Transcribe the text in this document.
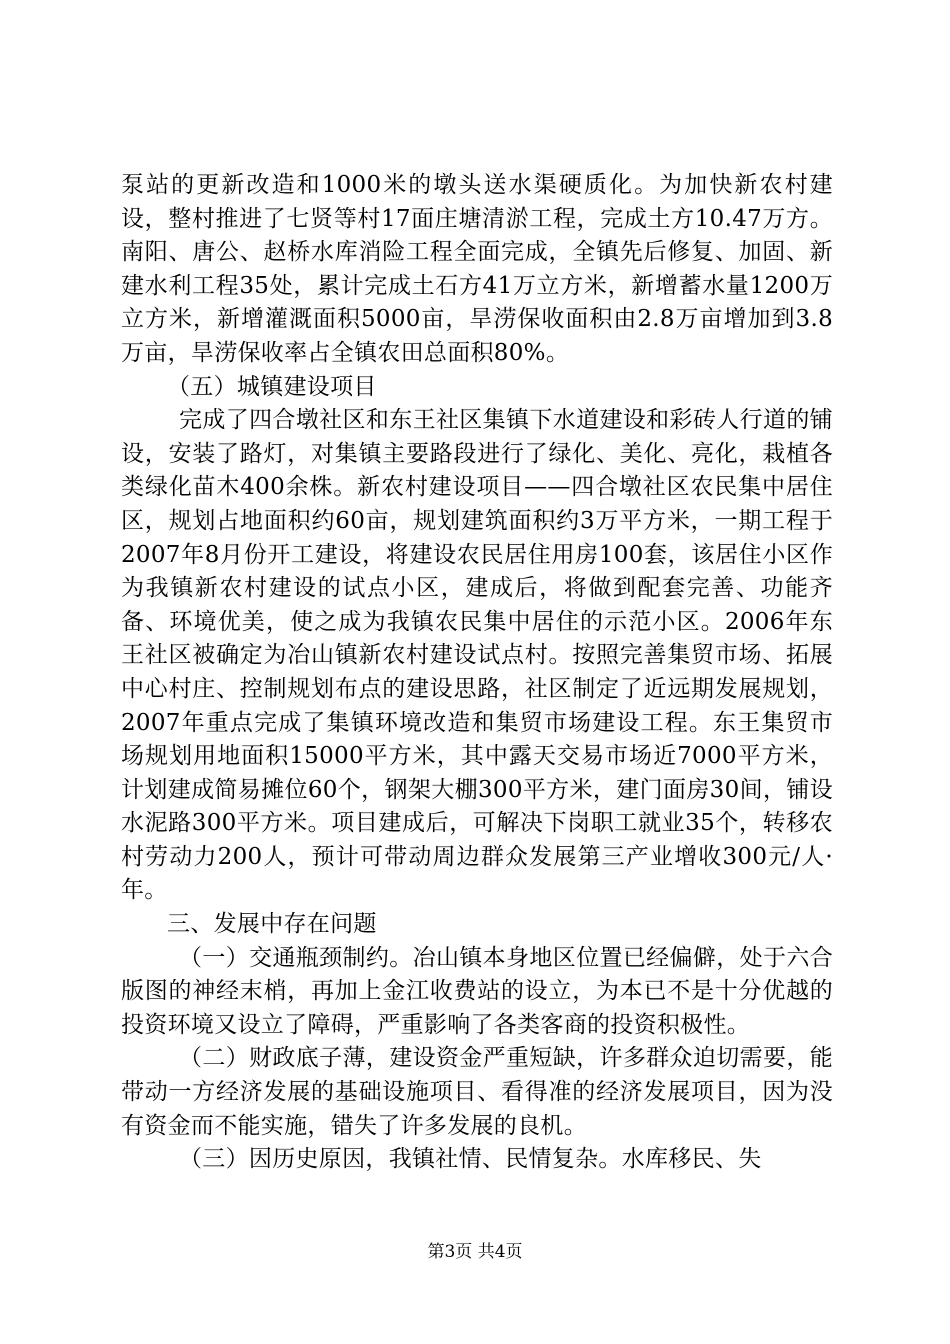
泵站的更新改造和1000米的墩头送水渠硬质化。为加快新农村建设，整村推进了七贤等村17面庄塘清淤工程，完成土方10.47万方。南阳、唐公、赵桥水库消险工程全面完成，全镇先后修复、加固、新建水利工程35处，累计完成土石方41万立方米，新增蓄水量1200万立方米，新增灌溉面积5000亩，旱涝保收面积由2.8万亩增加到3.8万亩，旱涝保收率占全镇农田总面积80%。

（五）城镇建设项目

完成了四合墩社区和东王社区集镇下水道建设和彩砖人行道的铺设，安装了路灯，对集镇主要路段进行了绿化、美化、亮化，栽植各类绿化苗木400余株。新农村建设项目——四合墩社区农民集中居住区，规划占地面积约60亩，规划建筑面积约3万平方米，一期工程于2007年8月份开工建设，将建设农民居住用房100套，该居住小区作为我镇新农村建设的试点小区，建成后，将做到配套完善、功能齐备、环境优美，使之成为我镇农民集中居住的示范小区。2006年东王社区被确定为冶山镇新农村建设试点村。按照完善集贸市场、拓展中心村庄、控制规划布点的建设思路，社区制定了近远期发展规划，2007年重点完成了集镇环境改造和集贸市场建设工程。东王集贸市场规划用地面积15000平方米，其中露天交易市场近7000平方米，计划建成简易摊位60个，钢架大棚300平方米，建门面房30间，铺设水泥路300平方米。项目建成后，可解决下岗职工就业35个，转移农村劳动力200人，预计可带动周边群众发展第三产业增收300元/人·年。

三、发展中存在问题

（一）交通瓶颈制约。冶山镇本身地区位置已经偏僻，处于六合版图的神经末梢，再加上金江收费站的设立，为本已不是十分优越的投资环境又设立了障碍，严重影响了各类客商的投资积极性。

（二）财政底子薄，建设资金严重短缺，许多群众迫切需要，能带动一方经济发展的基础设施项目、看得准的经济发展项目，因为没有资金而不能实施，错失了许多发展的良机。

（三）因历史原因，我镇社情、民情复杂。水库移民、失

第3页 共4页
